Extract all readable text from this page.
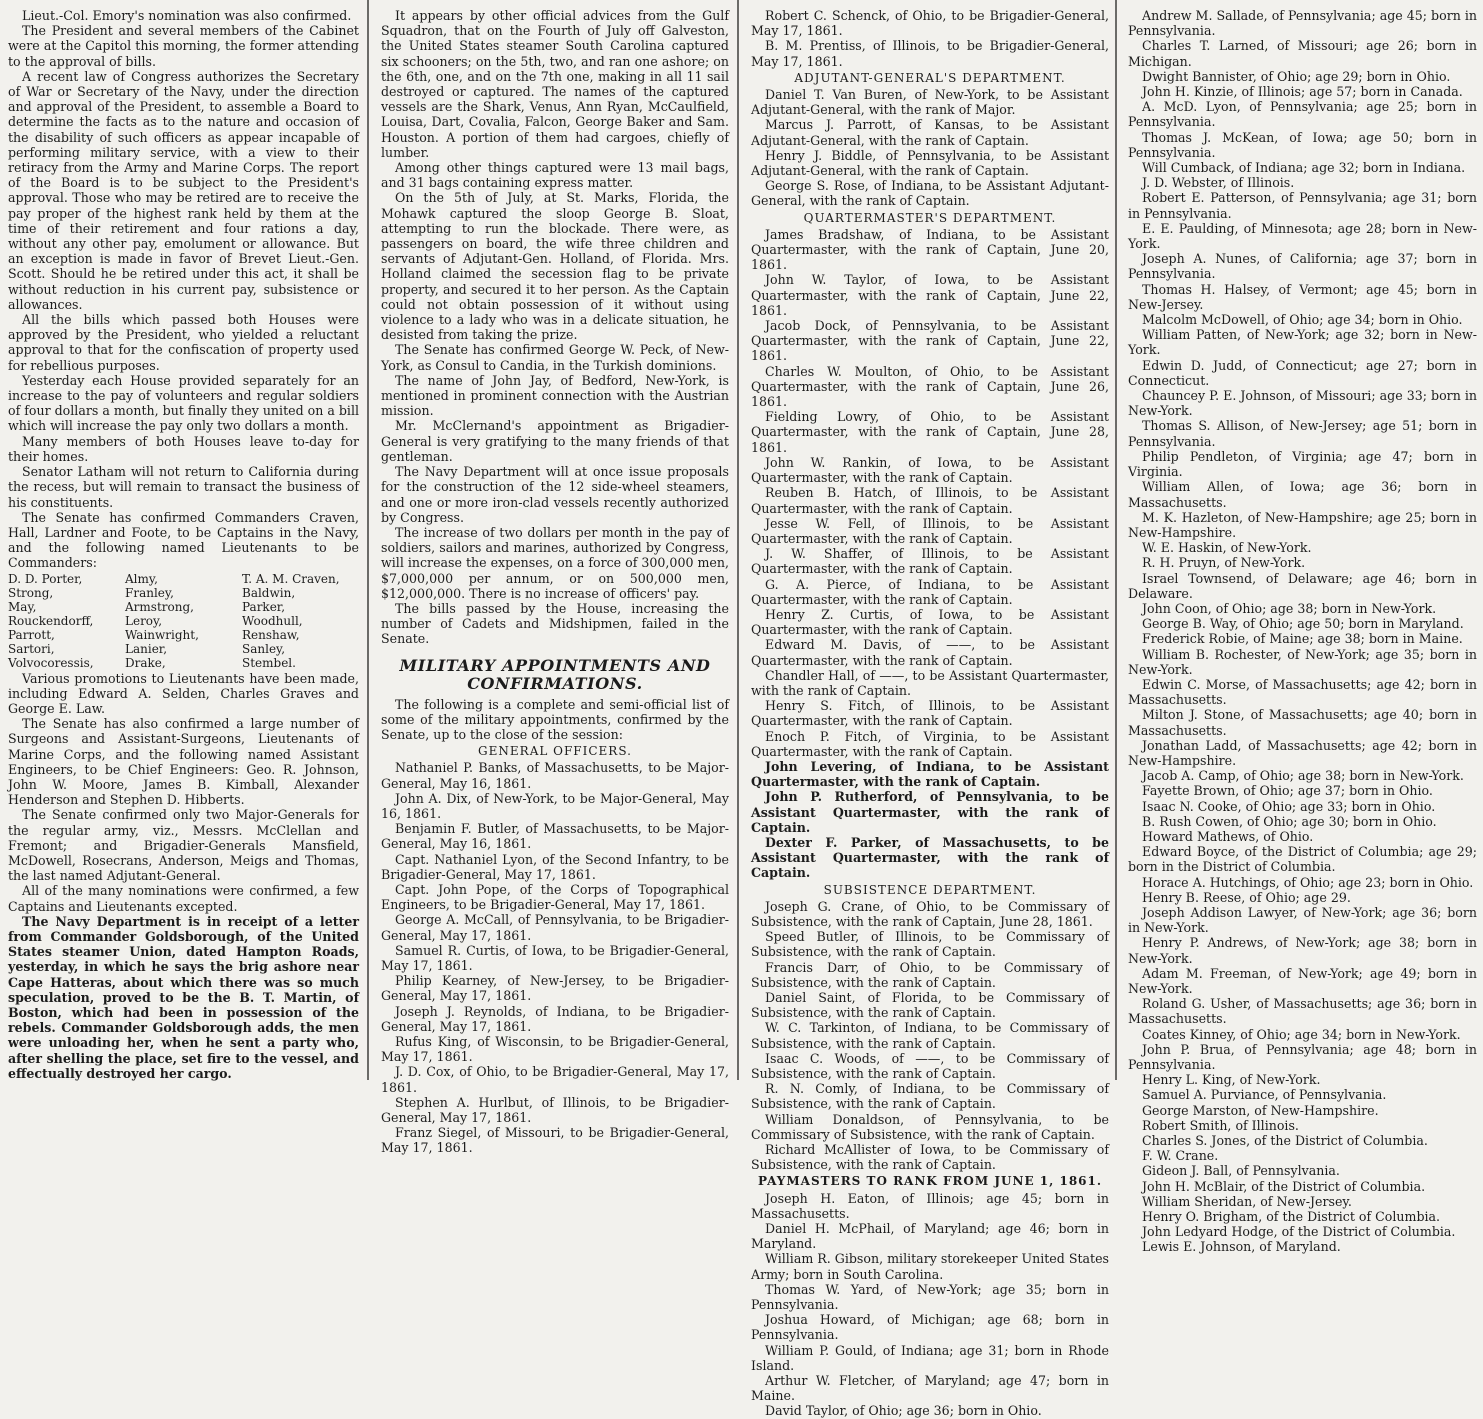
Lieut.-Col. Emory's nomination was also confirmed.

The President and several members of the Cabinet were at the Capitol this morning, the former attending to the approval of bills.

A recent law of Congress authorizes the Secretary of War or Secretary of the Navy, under the direction and approval of the President, to assemble a Board to determine the facts as to the nature and occasion of the disability of such officers as appear incapable of performing military service, with a view to their retiracy from the Army and Marine Corps. The report of the Board is to be subject to the President's approval. Those who may be retired are to receive the pay proper of the highest rank held by them at the time of their retirement and four rations a day, without any other pay, emolument or allowance. But an exception is made in favor of Brevet Lieut.-Gen. Scott. Should he be retired under this act, it shall be without reduction in his current pay, subsistence or allowances.

All the bills which passed both Houses were approved by the President, who yielded a reluctant approval to that for the confiscation of property used for rebellious purposes.

Yesterday each House provided separately for an increase to the pay of volunteers and regular soldiers of four dollars a month, but finally they united on a bill which will increase the pay only two dollars a month.

Many members of both Houses leave to-day for their homes.

Senator Latham will not return to California during the recess, but will remain to transact the business of his constituents.

The Senate has confirmed Commanders Craven, Hall, Lardner and Foote, to be Captains in the Navy, and the following named Lieutenants to be Commanders:

D. D. Porter,	Almy,	T. A. M. Craven,
Strong,	Franley,	Baldwin,
May,	Armstrong,	Parker,
Rouckendorff,	Leroy,	Woodhull,
Parrott,	Wainwright,	Renshaw,
Sartori,	Lanier,	Sanley,
Volvocoressis,	Drake,	Stembel.

Various promotions to Lieutenants have been made, including Edward A. Selden, Charles Graves and George E. Law.

The Senate has also confirmed a large number of Surgeons and Assistant-Surgeons, Lieutenants of Marine Corps, and the following named Assistant Engineers, to be Chief Engineers: Geo. R. Johnson, John W. Moore, James B. Kimball, Alexander Henderson and Stephen D. Hibberts.

The Senate confirmed only two Major-Generals for the regular army, viz., Messrs. McClellan and Fremont; and Brigadier-Generals Mansfield, McDowell, Rosecrans, Anderson, Meigs and Thomas, the last named Adjutant-General.

All of the many nominations were confirmed, a few Captains and Lieutenants excepted.

The Navy Department is in receipt of a letter from Commander Goldsborough, of the United States steamer Union, dated Hampton Roads, yesterday, in which he says the brig ashore near Cape Hatteras, about which there was so much speculation, proved to be the B. T. Martin, of Boston, which had been in possession of the rebels. Commander Goldsborough adds, the men were unloading her, when he sent a party who, after shelling the place, set fire to the vessel, and effectually destroyed her cargo.

It appears by other official advices from the Gulf Squadron, that on the Fourth of July off Galveston, the United States steamer South Carolina captured six schooners; on the 5th, two, and ran one ashore; on the 6th, one, and on the 7th one, making in all 11 sail destroyed or captured. The names of the captured vessels are the Shark, Venus, Ann Ryan, McCaulfield, Louisa, Dart, Covalia, Falcon, George Baker and Sam. Houston. A portion of them had cargoes, chiefly of lumber.

Among other things captured were 13 mail bags, and 31 bags containing express matter.

On the 5th of July, at St. Marks, Florida, the Mohawk captured the sloop George B. Sloat, attempting to run the blockade. There were, as passengers on board, the wife three children and servants of Adjutant-Gen. Holland, of Florida. Mrs. Holland claimed the secession flag to be private property, and secured it to her person. As the Captain could not obtain possession of it without using violence to a lady who was in a delicate situation, he desisted from taking the prize.

The Senate has confirmed George W. Peck, of New-York, as Consul to Candia, in the Turkish dominions.

The name of John Jay, of Bedford, New-York, is mentioned in prominent connection with the Austrian mission.

Mr. McClernand's appointment as Brigadier-General is very gratifying to the many friends of that gentleman.

The Navy Department will at once issue proposals for the construction of the 12 side-wheel steamers, and one or more iron-clad vessels recently authorized by Congress.

The increase of two dollars per month in the pay of soldiers, sailors and marines, authorized by Congress, will increase the expenses, on a force of 300,000 men, $7,000,000 per annum, or on 500,000 men, $12,000,000. There is no increase of officers' pay.

The bills passed by the House, increasing the number of Cadets and Midshipmen, failed in the Senate.

MILITARY APPOINTMENTS AND CONFIRMATIONS.

The following is a complete and semi-official list of some of the military appointments, confirmed by the Senate, up to the close of the session:

GENERAL OFFICERS.

Nathaniel P. Banks, of Massachusetts, to be Major-General, May 16, 1861.

John A. Dix, of New-York, to be Major-General, May 16, 1861.

Benjamin F. Butler, of Massachusetts, to be Major-General, May 16, 1861.

Capt. Nathaniel Lyon, of the Second Infantry, to be Brigadier-General, May 17, 1861.

Capt. John Pope, of the Corps of Topographical Engineers, to be Brigadier-General, May 17, 1861.

George A. McCall, of Pennsylvania, to be Brigadier-General, May 17, 1861.

Samuel R. Curtis, of Iowa, to be Brigadier-General, May 17, 1861.

Philip Kearney, of New-Jersey, to be Brigadier-General, May 17, 1861.

Joseph J. Reynolds, of Indiana, to be Brigadier-General, May 17, 1861.

Rufus King, of Wisconsin, to be Brigadier-General, May 17, 1861.

J. D. Cox, of Ohio, to be Brigadier-General, May 17, 1861.

Stephen A. Hurlbut, of Illinois, to be Brigadier-General, May 17, 1861.

Franz Siegel, of Missouri, to be Brigadier-General, May 17, 1861.

Robert C. Schenck, of Ohio, to be Brigadier-General, May 17, 1861.

B. M. Prentiss, of Illinois, to be Brigadier-General, May 17, 1861.

ADJUTANT-GENERAL'S DEPARTMENT.

Daniel T. Van Buren, of New-York, to be Assistant Adjutant-General, with the rank of Major.

Marcus J. Parrott, of Kansas, to be Assistant Adjutant-General, with the rank of Captain.

Henry J. Biddle, of Pennsylvania, to be Assistant Adjutant-General, with the rank of Captain.

George S. Rose, of Indiana, to be Assistant Adjutant-General, with the rank of Captain.

QUARTERMASTER'S DEPARTMENT.

James Bradshaw, of Indiana, to be Assistant Quartermaster, with the rank of Captain, June 20, 1861.

John W. Taylor, of Iowa, to be Assistant Quartermaster, with the rank of Captain, June 22, 1861.

Jacob Dock, of Pennsylvania, to be Assistant Quartermaster, with the rank of Captain, June 22, 1861.

Charles W. Moulton, of Ohio, to be Assistant Quartermaster, with the rank of Captain, June 26, 1861.

Fielding Lowry, of Ohio, to be Assistant Quartermaster, with the rank of Captain, June 28, 1861.

John W. Rankin, of Iowa, to be Assistant Quartermaster, with the rank of Captain.

Reuben B. Hatch, of Illinois, to be Assistant Quartermaster, with the rank of Captain.

Jesse W. Fell, of Illinois, to be Assistant Quartermaster, with the rank of Captain.

J. W. Shaffer, of Illinois, to be Assistant Quartermaster, with the rank of Captain.

G. A. Pierce, of Indiana, to be Assistant Quartermaster, with the rank of Captain.

Henry Z. Curtis, of Iowa, to be Assistant Quartermaster, with the rank of Captain.

Edward M. Davis, of ——, to be Assistant Quartermaster, with the rank of Captain.

Chandler Hall, of ——, to be Assistant Quartermaster, with the rank of Captain.

Henry S. Fitch, of Illinois, to be Assistant Quartermaster, with the rank of Captain.

Enoch P. Fitch, of Virginia, to be Assistant Quartermaster, with the rank of Captain.

John Levering, of Indiana, to be Assistant Quartermaster, with the rank of Captain.

John P. Rutherford, of Pennsylvania, to be Assistant Quartermaster, with the rank of Captain.

Dexter F. Parker, of Massachusetts, to be Assistant Quartermaster, with the rank of Captain.

SUBSISTENCE DEPARTMENT.

Joseph G. Crane, of Ohio, to be Commissary of Subsistence, with the rank of Captain, June 28, 1861.

Speed Butler, of Illinois, to be Commissary of Subsistence, with the rank of Captain.

Francis Darr, of Ohio, to be Commissary of Subsistence, with the rank of Captain.

Daniel Saint, of Florida, to be Commissary of Subsistence, with the rank of Captain.

W. C. Tarkinton, of Indiana, to be Commissary of Subsistence, with the rank of Captain.

Isaac C. Woods, of ——, to be Commissary of Subsistence, with the rank of Captain.

R. N. Comly, of Indiana, to be Commissary of Subsistence, with the rank of Captain.

William Donaldson, of Pennsylvania, to be Commissary of Subsistence, with the rank of Captain.

Richard McAllister of Iowa, to be Commissary of Subsistence, with the rank of Captain.

PAYMASTERS TO RANK FROM JUNE 1, 1861.

Joseph H. Eaton, of Illinois; age 45; born in Massachusetts.

Daniel H. McPhail, of Maryland; age 46; born in Maryland.

William R. Gibson, military storekeeper United States Army; born in South Carolina.

Thomas W. Yard, of New-York; age 35; born in Pennsylvania.

Joshua Howard, of Michigan; age 68; born in Pennsylvania.

William P. Gould, of Indiana; age 31; born in Rhode Island.

Arthur W. Fletcher, of Maryland; age 47; born in Maine.

David Taylor, of Ohio; age 36; born in Ohio.

Andrew M. Sallade, of Pennsylvania; age 45; born in Pennsylvania.

Charles T. Larned, of Missouri; age 26; born in Michigan.

Dwight Bannister, of Ohio; age 29; born in Ohio.

John H. Kinzie, of Illinois; age 57; born in Canada.

A. McD. Lyon, of Pennsylvania; age 25; born in Pennsylvania.

Thomas J. McKean, of Iowa; age 50; born in Pennsylvania.

Will Cumback, of Indiana; age 32; born in Indiana.

J. D. Webster, of Illinois.

Robert E. Patterson, of Pennsylvania; age 31; born in Pennsylvania.

E. E. Paulding, of Minnesota; age 28; born in New-York.

Joseph A. Nunes, of California; age 37; born in Pennsylvania.

Thomas H. Halsey, of Vermont; age 45; born in New-Jersey.

Malcolm McDowell, of Ohio; age 34; born in Ohio.

William Patten, of New-York; age 32; born in New-York.

Edwin D. Judd, of Connecticut; age 27; born in Connecticut.

Chauncey P. E. Johnson, of Missouri; age 33; born in New-York.

Thomas S. Allison, of New-Jersey; age 51; born in Pennsylvania.

Philip Pendleton, of Virginia; age 47; born in Virginia.

William Allen, of Iowa; age 36; born in Massachusetts.

M. K. Hazleton, of New-Hampshire; age 25; born in New-Hampshire.

W. E. Haskin, of New-York.

R. H. Pruyn, of New-York.

Israel Townsend, of Delaware; age 46; born in Delaware.

John Coon, of Ohio; age 38; born in New-York.

George B. Way, of Ohio; age 50; born in Maryland.

Frederick Robie, of Maine; age 38; born in Maine.

William B. Rochester, of New-York; age 35; born in New-York.

Edwin C. Morse, of Massachusetts; age 42; born in Massachusetts.

Milton J. Stone, of Massachusetts; age 40; born in Massachusetts.

Jonathan Ladd, of Massachusetts; age 42; born in New-Hampshire.

Jacob A. Camp, of Ohio; age 38; born in New-York.

Fayette Brown, of Ohio; age 37; born in Ohio.

Isaac N. Cooke, of Ohio; age 33; born in Ohio.

B. Rush Cowen, of Ohio; age 30; born in Ohio.

Howard Mathews, of Ohio.

Edward Boyce, of the District of Columbia; age 29; born in the District of Columbia.

Horace A. Hutchings, of Ohio; age 23; born in Ohio.

Henry B. Reese, of Ohio; age 29.

Joseph Addison Lawyer, of New-York; age 36; born in New-York.

Henry P. Andrews, of New-York; age 38; born in New-York.

Adam M. Freeman, of New-York; age 49; born in New-York.

Roland G. Usher, of Massachusetts; age 36; born in Massachusetts.

Coates Kinney, of Ohio; age 34; born in New-York.

John P. Brua, of Pennsylvania; age 48; born in Pennsylvania.

Henry L. King, of New-York.

Samuel A. Purviance, of Pennsylvania.

George Marston, of New-Hampshire.

Robert Smith, of Illinois.

Charles S. Jones, of the District of Columbia.

F. W. Crane.

Gideon J. Ball, of Pennsylvania.

John H. McBlair, of the District of Columbia.

William Sheridan, of New-Jersey.

Henry O. Brigham, of the District of Columbia.

John Ledyard Hodge, of the District of Columbia.

Lewis E. Johnson, of Maryland.
